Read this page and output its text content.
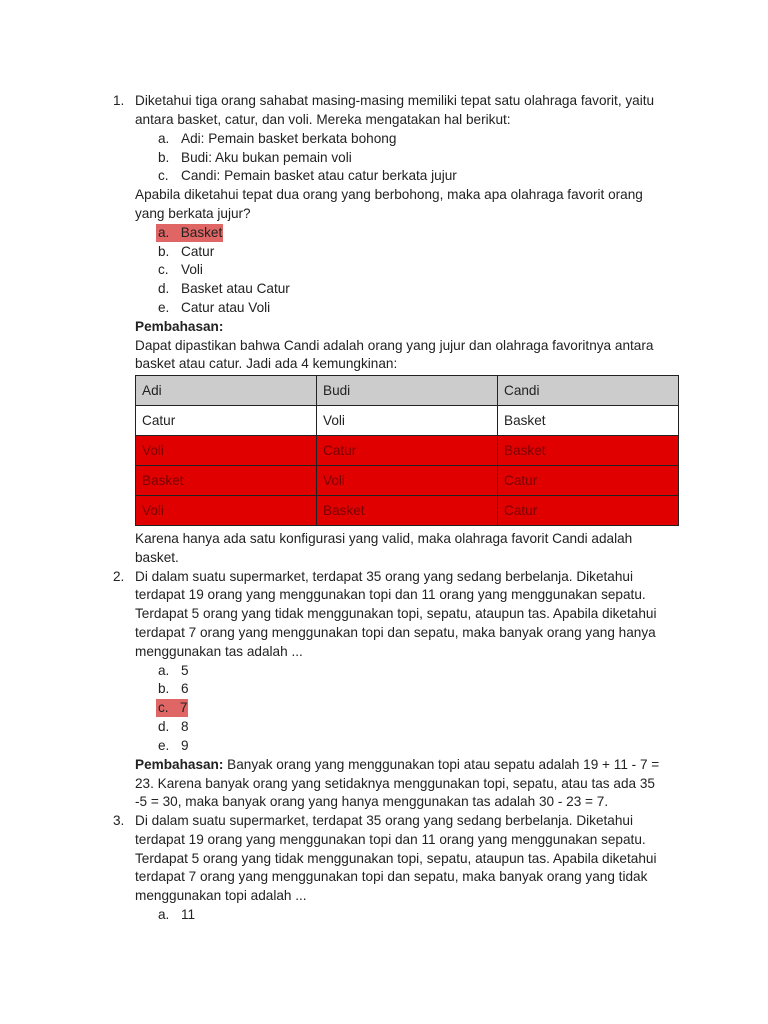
1. Diketahui tiga orang sahabat masing-masing memiliki tepat satu olahraga favorit, yaitu
antara basket, catur, dan voli. Mereka mengatakan hal berikut:
a. Adi: Pemain basket berkata bohong
b. Budi: Aku bukan pemain voli
c. Candi: Pemain basket atau catur berkata jujur
Apabila diketahui tepat dua orang yang berbohong, maka apa olahraga favorit orang
yang berkata jujur?
a. Basket
b. Catur
c. Voli
d. Basket atau Catur
e. Catur atau Voli
Pembahasan:
Dapat dipastikan bahwa Candi adalah orang yang jujur dan olahraga favoritnya antara
basket atau catur. Jadi ada 4 kemungkinan:
Adi	Budi	Candi
Catur	Voli	Basket
Voli	Catur	Basket
Basket	Voli	Catur
Voli	Basket	Catur
Karena hanya ada satu konfigurasi yang valid, maka olahraga favorit Candi adalah
basket.
2. Di dalam suatu supermarket, terdapat 35 orang yang sedang berbelanja. Diketahui
terdapat 19 orang yang menggunakan topi dan 11 orang yang menggunakan sepatu.
Terdapat 5 orang yang tidak menggunakan topi, sepatu, ataupun tas. Apabila diketahui
terdapat 7 orang yang menggunakan topi dan sepatu, maka banyak orang yang hanya
menggunakan tas adalah ...
a. 5
b. 6
c. 7
d. 8
e. 9
Pembahasan: Banyak orang yang menggunakan topi atau sepatu adalah 19 + 11 - 7 =
23. Karena banyak orang yang setidaknya menggunakan topi, sepatu, atau tas ada 35
-5 = 30, maka banyak orang yang hanya menggunakan tas adalah 30 - 23 = 7.
3. Di dalam suatu supermarket, terdapat 35 orang yang sedang berbelanja. Diketahui
terdapat 19 orang yang menggunakan topi dan 11 orang yang menggunakan sepatu.
Terdapat 5 orang yang tidak menggunakan topi, sepatu, ataupun tas. Apabila diketahui
terdapat 7 orang yang menggunakan topi dan sepatu, maka banyak orang yang tidak
menggunakan topi adalah ...
a. 11
